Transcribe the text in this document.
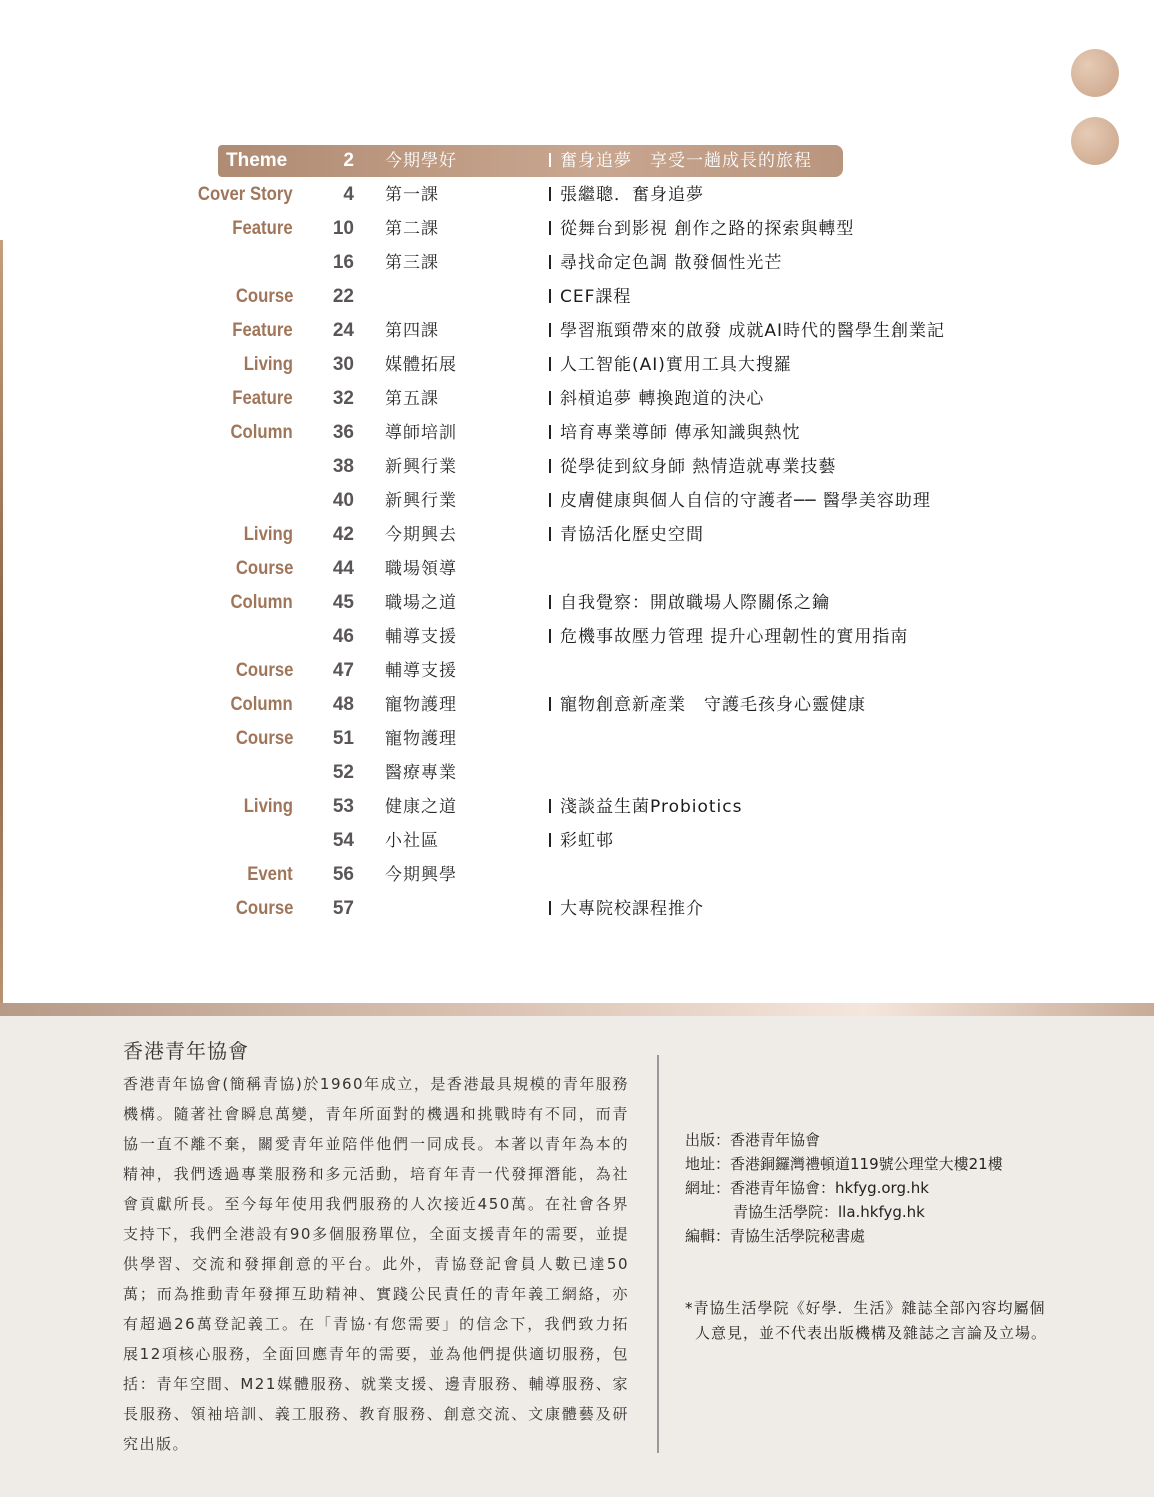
Theme	2 今期學好	奮身追夢　享受一趟成長的旅程
Cover Story	4 第一課	張繼聰．奮身追夢
Feature	10 第二課	從舞台到影視 創作之路的探索與轉型
16 第三課	尋找命定色調 散發個性光芒
Course	22	CEF課程
Feature	24 第四課	學習瓶頸帶來的啟發 成就AI時代的醫學生創業記
Living	30 媒體拓展	人工智能(AI)實用工具大搜羅
Feature	32 第五課	斜槓追夢 轉換跑道的決心
Column	36 導師培訓	培育專業導師 傳承知識與熱忱
38 新興行業	從學徒到紋身師 熱情造就專業技藝
40 新興行業	皮膚健康與個人自信的守護者── 醫學美容助理
Living	42 今期興去	青協活化歷史空間
Course	44 職場領導
Column	45 職場之道	自我覺察：開啟職場人際關係之鑰
46 輔導支援	危機事故壓力管理 提升心理韌性的實用指南
Course	47 輔導支援
Column	48 寵物護理	寵物創意新產業　守護毛孩身心靈健康
Course	51 寵物護理
52 醫療專業
Living	53 健康之道	淺談益生菌Probiotics
54 小社區	彩虹邨
Event	56 今期興學
Course	57	大專院校課程推介
香港青年協會
香港青年協會(簡稱青協)於1960年成立，是香港最具規模的青年服務機構。隨著社會瞬息萬變，青年所面對的機遇和挑戰時有不同，而青協一直不離不棄，關愛青年並陪伴他們一同成長。本著以青年為本的精神，我們透過專業服務和多元活動，培育年青一代發揮潛能，為社會貢獻所長。至今每年使用我們服務的人次接近450萬。在社會各界支持下，我們全港設有90多個服務單位，全面支援青年的需要，並提供學習、交流和發揮創意的平台。此外，青協登記會員人數已達50萬；而為推動青年發揮互助精神、實踐公民責任的青年義工網絡，亦有超過26萬登記義工。在「青協‧有您需要」的信念下，我們致力拓展12項核心服務，全面回應青年的需要，並為他們提供適切服務，包括：青年空間、M21媒體服務、就業支援、邊青服務、輔導服務、家長服務、領袖培訓、義工服務、教育服務、創意交流、文康體藝及研究出版。
出版：香港青年協會
地址：香港銅鑼灣禮頓道119號公理堂大樓21樓
網址：香港青年協會：hkfyg.org.hk
青協生活學院：lla.hkfyg.hk
編輯：青協生活學院秘書處
*青協生活學院《好學．生活》雜誌全部內容均屬個
人意見，並不代表出版機構及雜誌之言論及立場。
